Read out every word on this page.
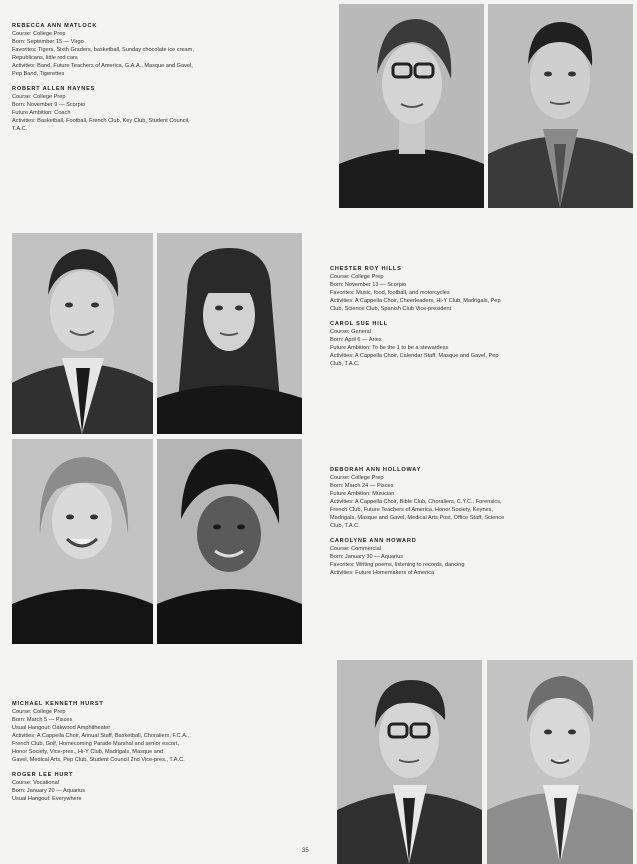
REBECCA ANN MATLOCK
Course: College Prep
Born: September 15 — Virgo
Favorites: Tigers, Sixth Graders, basketball, Sunday chocolate ice cream,
Republicans, little red cars
Activities: Band, Future Teachers of America, G.A.A., Masque and Gavel,
Pep Band, Tigerettes
ROBERT ALLEN HAYNES
Course: College Prep
Born: November 9 — Scorpio
Future Ambition: Coach
Activities: Basketball, Football, French Club, Key Club, Student Council,
T.A.C.
CHESTER ROY HILLS
Course: College Prep
Born: November 13 — Scorpio
Favorites: Music, food, football, and motorcycles
Activities: A Cappella Choir, Cheerleaders, Hi-Y Club, Madrigals, Pep
Club, Science Club, Spanish Club Vice-president
CAROL SUE HILL
Course: General
Born: April 6 — Aries
Future Ambition: To be the 1 to be a stewardess
Activities: A Cappella Choir, Calendar Staff, Masque and Gavel, Pep
Club, T.A.C.
DEBORAH ANN HOLLOWAY
Course: College Prep
Born: March 24 — Pisces
Future Ambition: Musician
Activities: A Cappella Choir, Bible Club, Choraliers, C.Y.C., Forensics,
French Club, Future Teachers of America, Honor Society, Keynes,
Madrigals, Masque and Gavel, Medical Arts Post, Office Staff, Science
Club, T.A.C.
CAROLYNE ANN HOWARD
Course: Commercial
Born: January 30 — Aquarius
Favorites: Writing poems, listening to records, dancing
Activities: Future Homemakers of America
MICHAEL KENNETH HURST
Course: College Prep
Born: March 5 — Pisces
Usual Hangout: Oakwood Amphitheater
Activities: A Cappella Choir, Annual Staff, Basketball, Choraliers, F.C.A.,
French Club, Golf, Homecoming Parade Marshal and senior escort,
Honor Society, Vice-pres., Hi-Y Club, Madrigals, Masque and
Gavel, Medical Arts, Pep Club, Student Council 2nd Vice-pres., T.A.C.
ROGER LEE HURT
Course: Vocational
Born: January 20 — Aquarius
Usual Hangout: Everywhere
35
